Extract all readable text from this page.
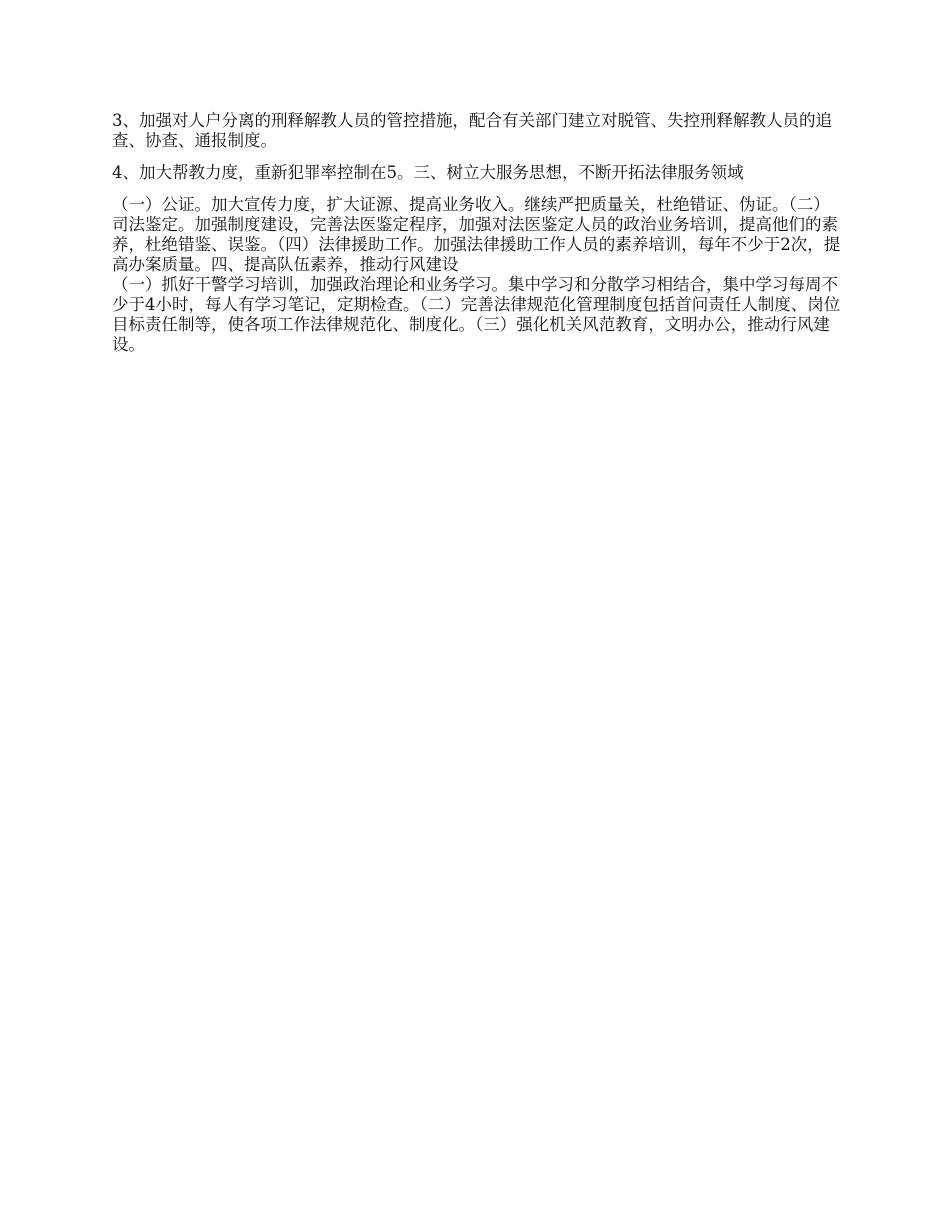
3、加强对人户分离的刑释解教人员的管控措施，配合有关部门建立对脱管、失控刑释解教人员的追查、协查、通报制度。

4、加大帮教力度，重新犯罪率控制在5。三、树立大服务思想，不断开拓法律服务领域

（一）公证。加大宣传力度，扩大证源、提高业务收入。继续严把质量关，杜绝错证、伪证。（二）司法鉴定。加强制度建设，完善法医鉴定程序，加强对法医鉴定人员的政治业务培训，提高他们的素养，杜绝错鉴、误鉴。（四）法律援助工作。加强法律援助工作人员的素养培训，每年不少于2次，提高办案质量。四、提高队伍素养，推动行风建设

（一）抓好干警学习培训，加强政治理论和业务学习。集中学习和分散学习相结合，集中学习每周不少于4小时，每人有学习笔记，定期检查。（二）完善法律规范化管理制度包括首问责任人制度、岗位目标责任制等，使各项工作法律规范化、制度化。（三）强化机关风范教育，文明办公，推动行风建设。
